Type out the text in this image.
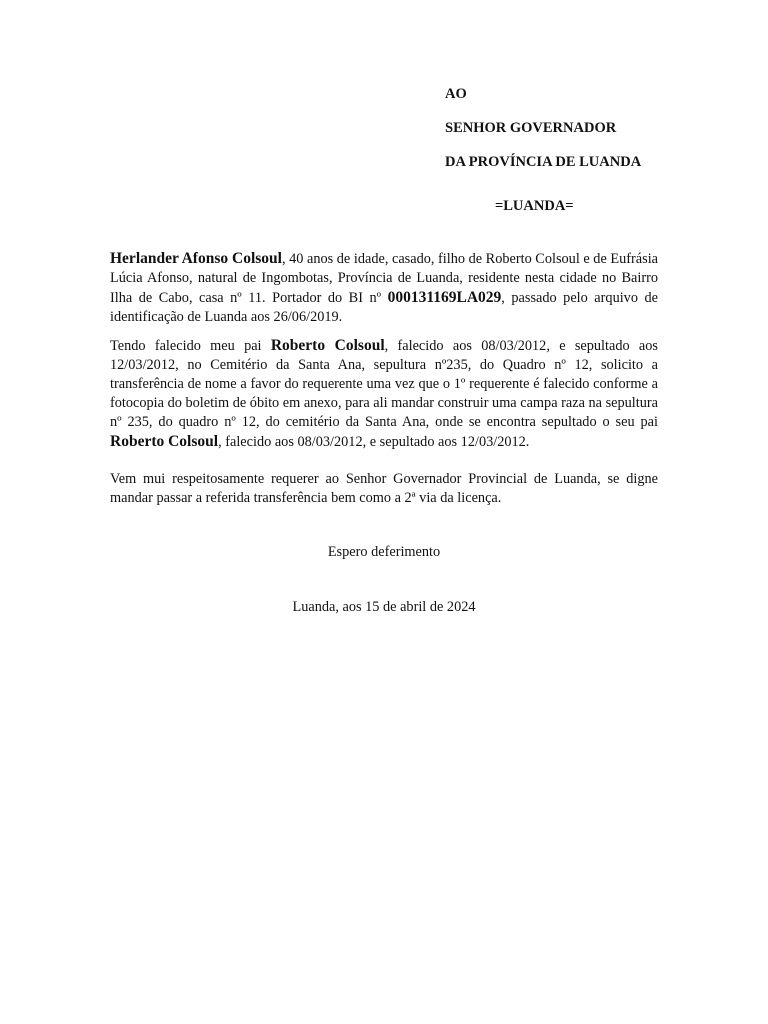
AO
SENHOR GOVERNADOR
DA PROVÍNCIA DE LUANDA
=LUANDA=

Herlander Afonso Colsoul, 40 anos de idade, casado, filho de Roberto Colsoul e de Eufrásia Lúcia Afonso, natural de Ingombotas, Província de Luanda, residente nesta cidade no Bairro Ilha de Cabo, casa nº 11. Portador do BI nº 000131169LA029, passado pelo arquivo de identificação de Luanda aos 26/06/2019.

Tendo falecido meu pai Roberto Colsoul, falecido aos 08/03/2012, e sepultado aos 12/03/2012, no Cemitério da Santa Ana, sepultura nº235, do Quadro nº 12, solicito a transferência de nome a favor do requerente uma vez que o 1º requerente é falecido conforme a fotocopia do boletim de óbito em anexo, para ali mandar construir uma campa raza na sepultura nº 235, do quadro nº 12, do cemitério da Santa Ana, onde se encontra sepultado o seu pai Roberto Colsoul, falecido aos 08/03/2012, e sepultado aos 12/03/2012.

Vem mui respeitosamente requerer ao Senhor Governador Provincial de Luanda, se digne mandar passar a referida transferência bem como a 2ª via da licença.

Espero deferimento
Luanda, aos 15 de abril de 2024
